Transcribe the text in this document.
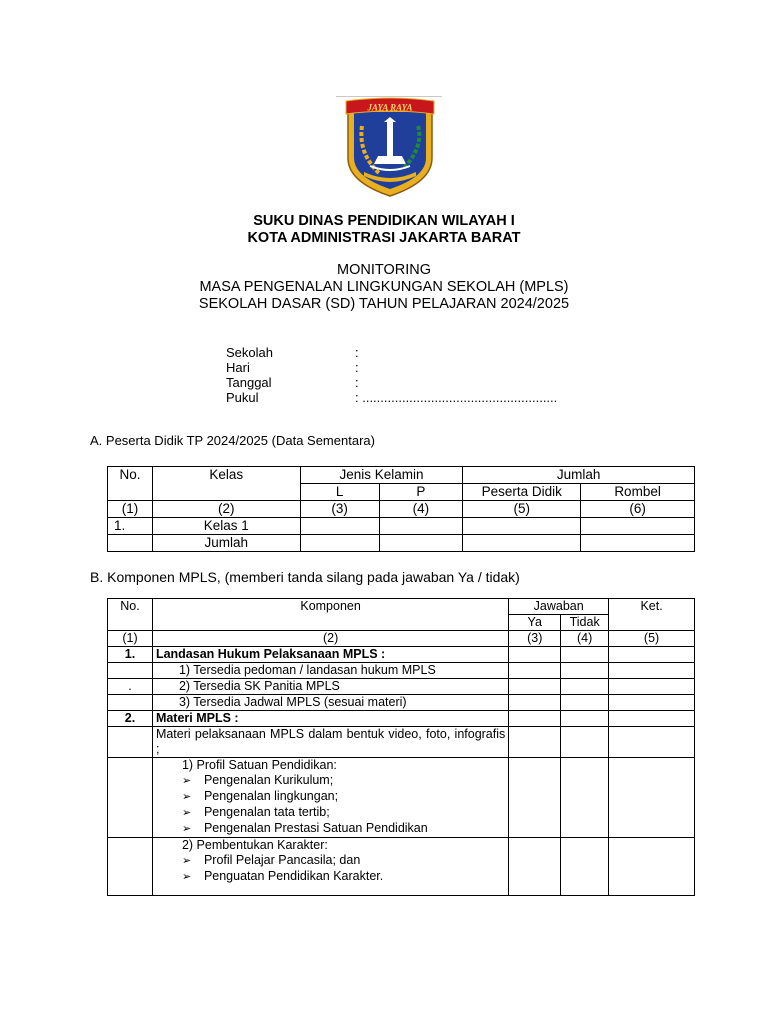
JAYA RAYA
SUKU DINAS PENDIDIKAN WILAYAH I
KOTA ADMINISTRASI JAKARTA BARAT
MONITORING
MASA PENGENALAN LINGKUNGAN SEKOLAH (MPLS)
SEKOLAH DASAR (SD) TAHUN PELAJARAN 2024/2025
Sekolah	:
Hari	:
Tanggal	:
Pukul	: ......................................................
A. Peserta Didik TP 2024/2025 (Data Sementara)
No.	Kelas	Jenis Kelamin		Jumlah	
		L	P	Peserta Didik	Rombel
(1)	(2)	(3)	(4)	(5)	(6)
1.	Kelas 1				
	Jumlah				
B. Komponen MPLS, (memberi tanda silang pada jawaban Ya / tidak)
No.	Komponen	Jawaban		Ket.
		Ya	Tidak	
(1)	(2)	(3)	(4)	(5)
1.	Landasan Hukum Pelaksanaan MPLS :			
	1) Tersedia pedoman / landasan hukum MPLS			
.	2) Tersedia SK Panitia MPLS			
	3) Tersedia Jadwal MPLS (sesuai materi)			
2.	Materi MPLS :			
	Materi pelaksanaan MPLS dalam bentuk video, foto, infografis ;			

	1) Profil Satuan Pendidikan:
➢ Pengenalan Kurikulum;
➢ Pengenalan lingkungan;
➢ Pengenalan tata tertib;
➢ Pengenalan Prestasi Satuan Pendidikan

	2) Pembentukan Karakter:
➢ Profil Pelajar Pancasila; dan
➢ Penguatan Pendidikan Karakter.
